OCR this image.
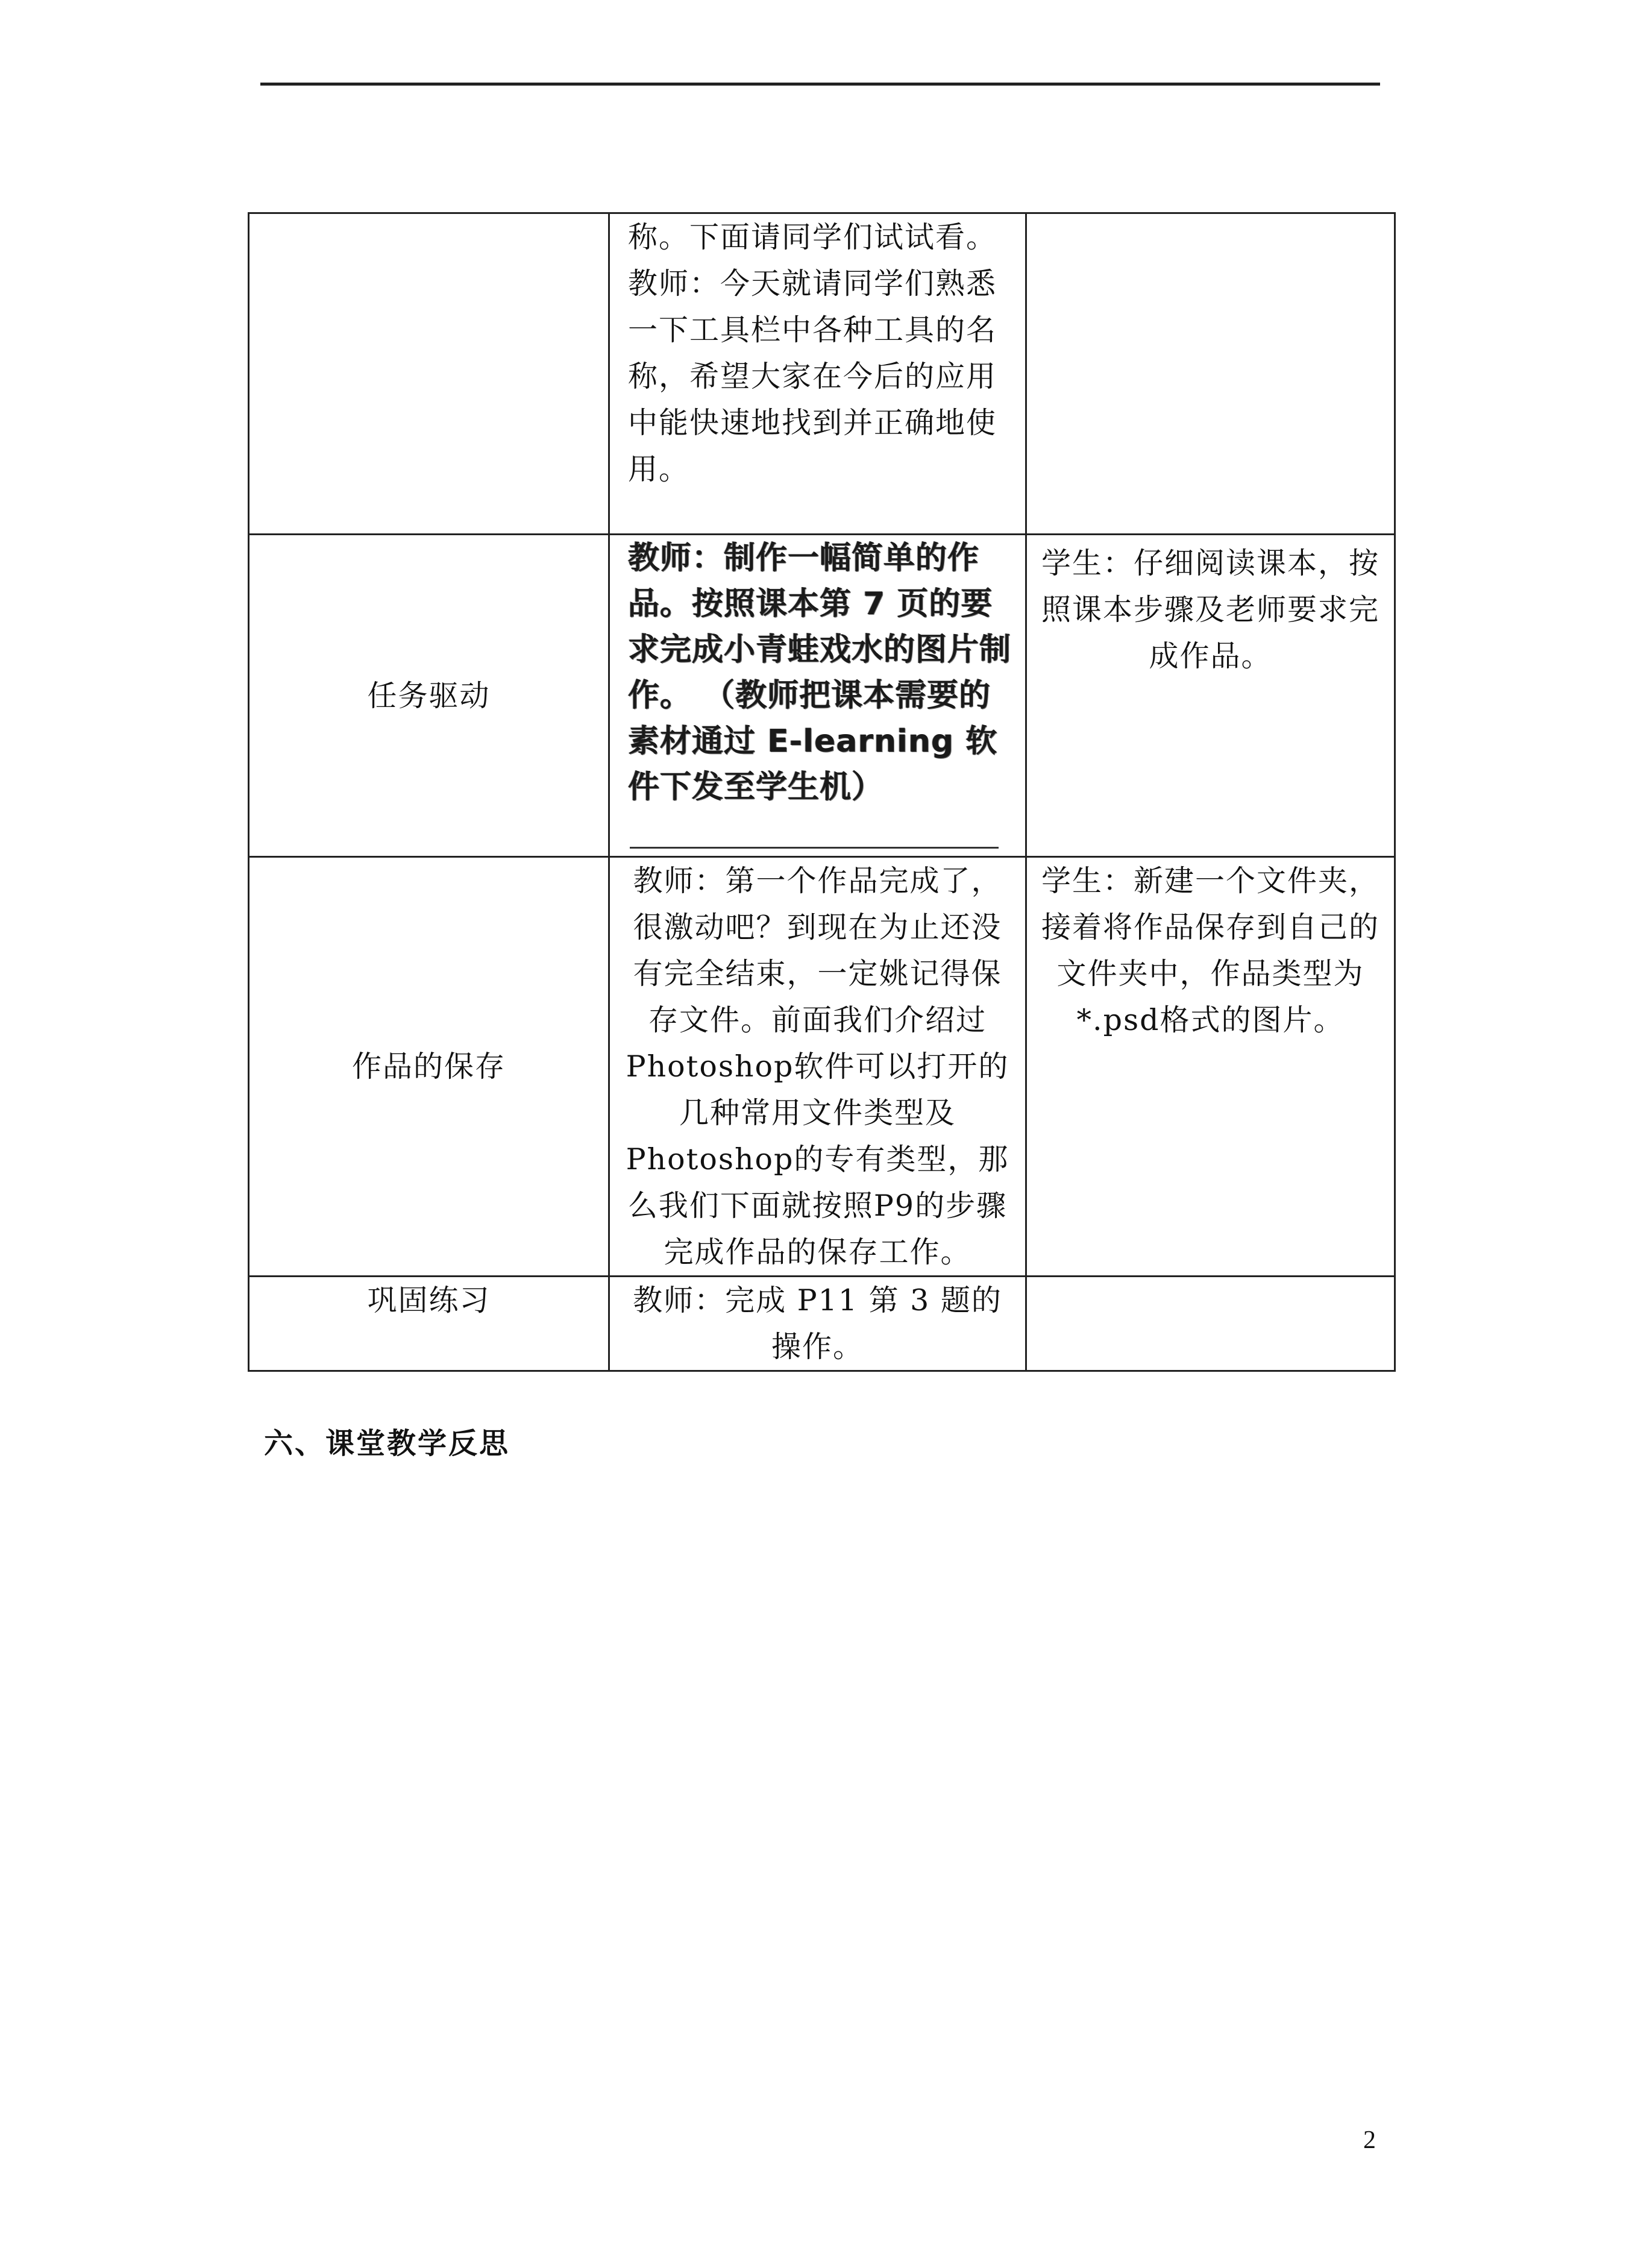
	称。下面请同学们试试看。
教师：今天就请同学们熟悉一下工具栏中各种工具的名称，希望大家在今后的应用中能快速地找到并正确地使用。	

任务驱动	教师：制作一幅简单的作品。按照课本第 7 页的要求完成小青蛙戏水的图片制作。 （教师把课本需要的素材通过 E-learning 软件下发至学生机）	学生：仔细阅读课本，按照课本步骤及老师要求完成作品。

作品的保存	教师：第一个作品完成了，很激动吧？到现在为止还没有完全结束，一定姚记得保存文件。前面我们介绍过Photoshop软件可以打开的几种常用文件类型及Photoshop的专有类型，那么我们下面就按照P9的步骤完成作品的保存工作。	学生：新建一个文件夹，接着将作品保存到自己的文件夹中，作品类型为*.psd格式的图片。

巩固练习	教师：完成 P11 第 3 题的操作。	

六、课堂教学反思
2
